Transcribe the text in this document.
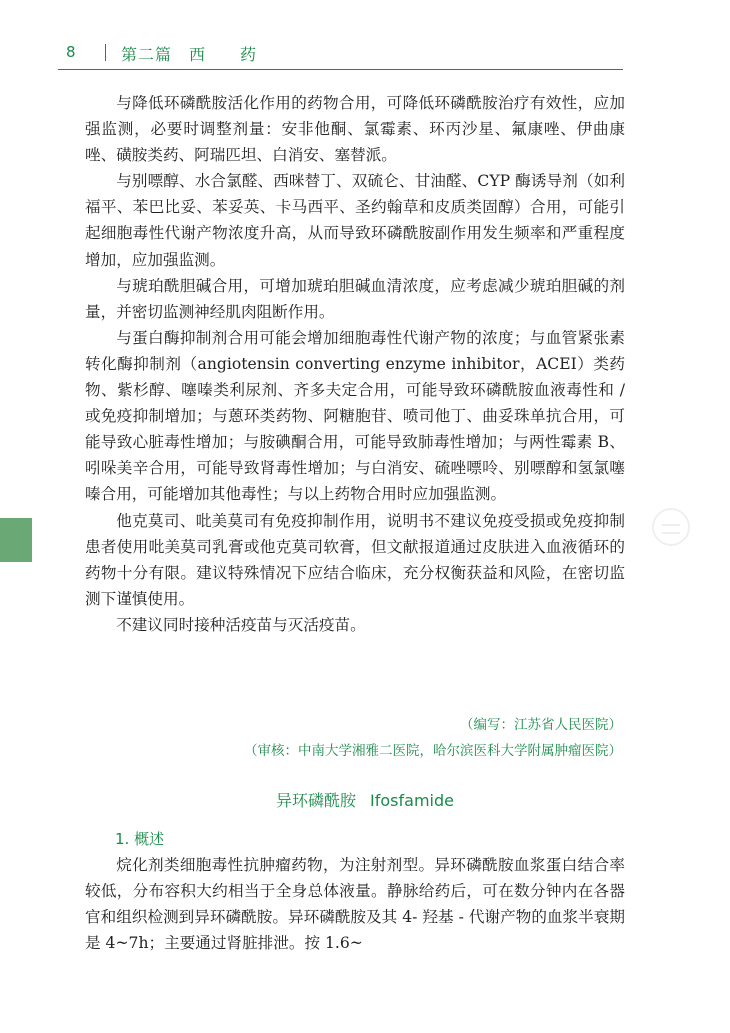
8	第二篇　西　　药

与降低环磷酰胺活化作用的药物合用，可降低环磷酰胺治疗有效性，应加强监测，必要时调整剂量：安非他酮、氯霉素、环丙沙星、氟康唑、伊曲康唑、磺胺类药、阿瑞匹坦、白消安、塞替派。

与别嘌醇、水合氯醛、西咪替丁、双硫仑、甘油醛、CYP 酶诱导剂（如利福平、苯巴比妥、苯妥英、卡马西平、圣约翰草和皮质类固醇）合用，可能引起细胞毒性代谢产物浓度升高，从而导致环磷酰胺副作用发生频率和严重程度增加，应加强监测。

与琥珀酰胆碱合用，可增加琥珀胆碱血清浓度，应考虑减少琥珀胆碱的剂量，并密切监测神经肌肉阻断作用。

与蛋白酶抑制剂合用可能会增加细胞毒性代谢产物的浓度；与血管紧张素转化酶抑制剂（angiotensin converting enzyme inhibitor，ACEI）类药物、紫杉醇、噻嗪类利尿剂、齐多夫定合用，可能导致环磷酰胺血液毒性和 / 或免疫抑制增加；与蒽环类药物、阿糖胞苷、喷司他丁、曲妥珠单抗合用，可能导致心脏毒性增加；与胺碘酮合用，可能导致肺毒性增加；与两性霉素 B、吲哚美辛合用，可能导致肾毒性增加；与白消安、硫唑嘌呤、别嘌醇和氢氯噻嗪合用，可能增加其他毒性；与以上药物合用时应加强监测。

他克莫司、吡美莫司有免疫抑制作用，说明书不建议免疫受损或免疫抑制患者使用吡美莫司乳膏或他克莫司软膏，但文献报道通过皮肤进入血液循环的药物十分有限。建议特殊情况下应结合临床，充分权衡获益和风险，在密切监测下谨慎使用。

不建议同时接种活疫苗与灭活疫苗。

（编写：江苏省人民医院）
（审核：中南大学湘雅二医院，哈尔滨医科大学附属肿瘤医院）
异环磷酰胺 Ifosfamide
1. 概述

烷化剂类细胞毒性抗肿瘤药物，为注射剂型。异环磷酰胺血浆蛋白结合率较低，分布容积大约相当于全身总体液量。静脉给药后，可在数分钟内在各器官和组织检测到异环磷酰胺。异环磷酰胺及其 4- 羟基 - 代谢产物的血浆半衰期是 4~7h；主要通过肾脏排泄。按 1.6~
